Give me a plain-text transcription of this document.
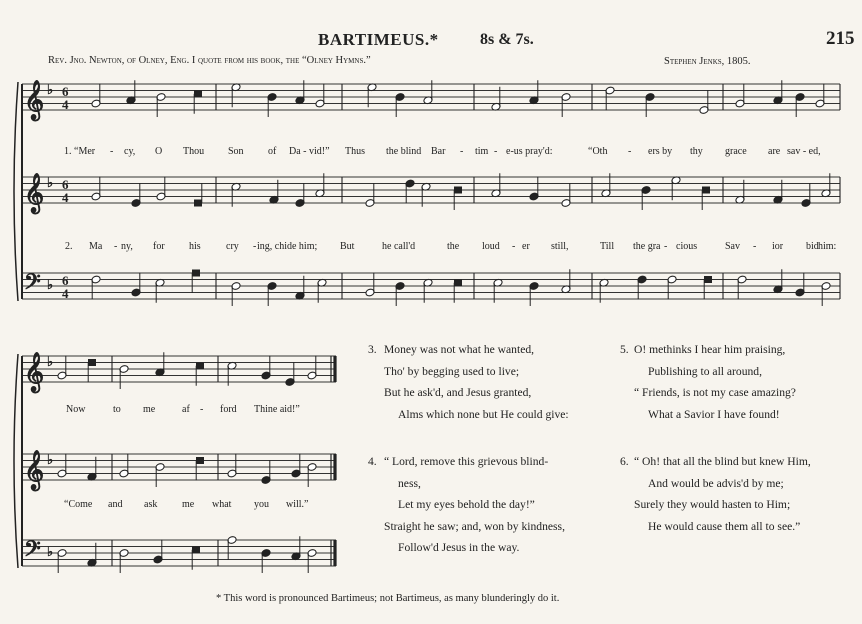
BARTIMEUS.*	8s & 7s.	215
Rev. Jno. Newton, of Olney, Eng. I quote from his book, the “Olney Hymns.”	Stephen Jenks, 1805.
6
4
6
4
6
4
𝄞 ♭
𝄞 ♭
𝄢 ♭
𝄞 ♭
𝄞 ♭
𝄢 ♭
1. “Mer - cy, O Thou Son of Da - vid!” Thus the blind Bar - tim - e-us pray'd:	“Oth - ers by thy grace are sav - ed,
2. Ma - ny, for his	cry - ing, chide him; But	he call'd	the loud - er still,	Till the gra - cious	Sav - ior bid him:
Now	to me	af - ford Thine aid!”
“Come and ask me what you will.”
3. Money was not what he wanted,
Tho' by begging used to live;
But he ask'd, and Jesus granted,
Alms which none but He could give:
4. “ Lord, remove this grievous blind-
ness,
Let my eyes behold the day!”
Straight he saw; and, won by kindness,
Follow'd Jesus in the way.
5. O! methinks I hear him praising,
Publishing to all around,
“ Friends, is not my case amazing?
What a Savior I have found!
6. “ Oh! that all the blind but knew Him,
And would be advis'd by me;
Surely they would hasten to Him;
He would cause them all to see.”
* This word is pronounced Bartimeus; not Bartimeus, as many blunderingly do it.
